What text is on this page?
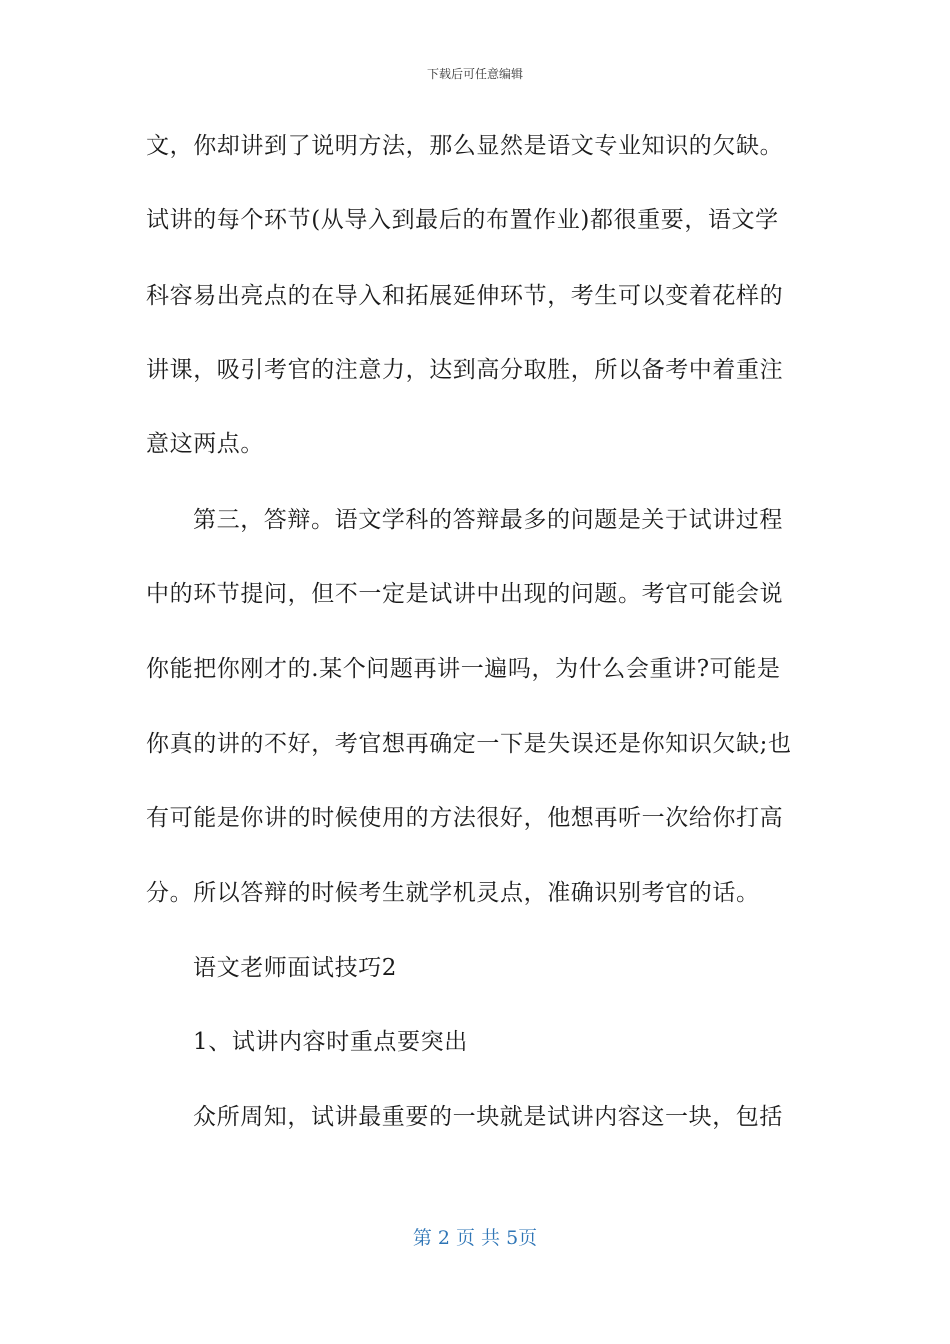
下载后可任意编辑
文，你却讲到了说明方法，那么显然是语文专业知识的欠缺。
试讲的每个环节(从导入到最后的布置作业)都很重要，语文学
科容易出亮点的在导入和拓展延伸环节，考生可以变着花样的
讲课，吸引考官的注意力，达到高分取胜，所以备考中着重注
意这两点。
第三，答辩。语文学科的答辩最多的问题是关于试讲过程
中的环节提问，但不一定是试讲中出现的问题。考官可能会说
你能把你刚才的.某个问题再讲一遍吗，为什么会重讲?可能是
你真的讲的不好，考官想再确定一下是失误还是你知识欠缺;也
有可能是你讲的时候使用的方法很好，他想再听一次给你打高
分。所以答辩的时候考生就学机灵点，准确识别考官的话。
语文老师面试技巧2
1、试讲内容时重点要突出
众所周知，试讲最重要的一块就是试讲内容这一块，包括
第 2 页 共 5页
